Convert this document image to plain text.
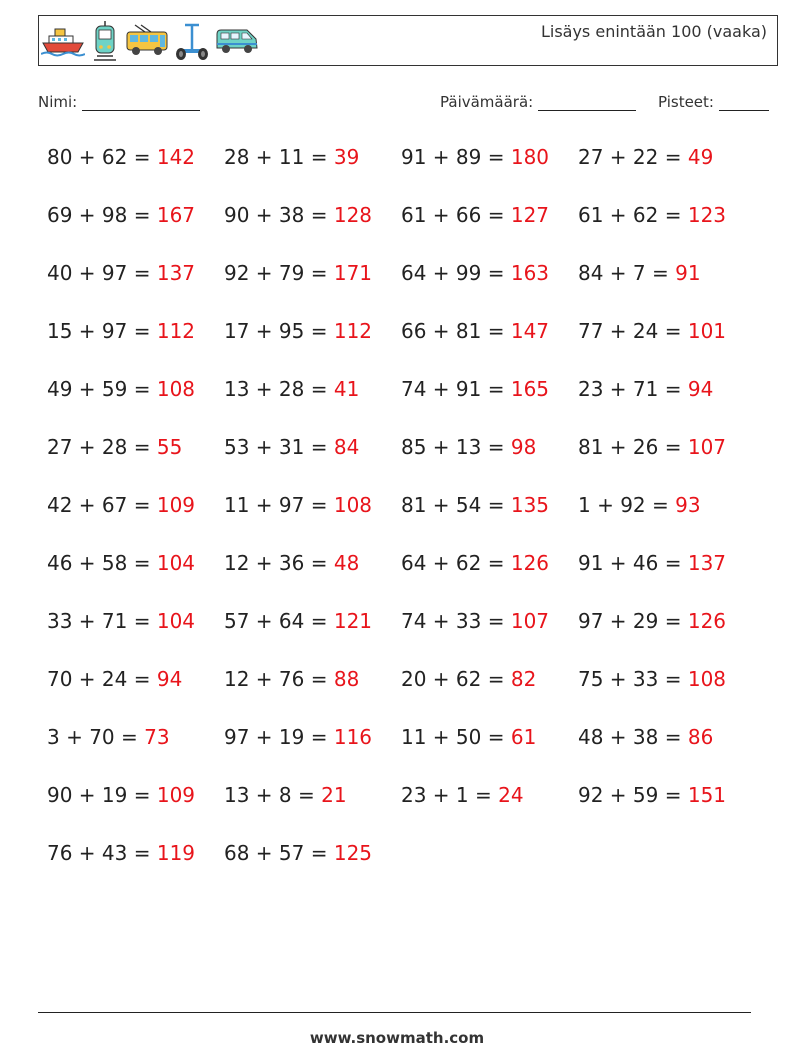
Lisäys enintään 100 (vaaka)
Nimi:	Päivämäärä:	Pisteet:
80 + 62 = 142 28 + 11 = 39 91 + 89 = 180 27 + 22 = 49
69 + 98 = 167 90 + 38 = 128 61 + 66 = 127 61 + 62 = 123
40 + 97 = 137 92 + 79 = 171 64 + 99 = 163 84 + 7 = 91
15 + 97 = 112 17 + 95 = 112 66 + 81 = 147 77 + 24 = 101
49 + 59 = 108 13 + 28 = 41 74 + 91 = 165 23 + 71 = 94
27 + 28 = 55 53 + 31 = 84 85 + 13 = 98 81 + 26 = 107
42 + 67 = 109 11 + 97 = 108 81 + 54 = 135 1 + 92 = 93
46 + 58 = 104 12 + 36 = 48 64 + 62 = 126 91 + 46 = 137
33 + 71 = 104 57 + 64 = 121 74 + 33 = 107 97 + 29 = 126
70 + 24 = 94 12 + 76 = 88 20 + 62 = 82 75 + 33 = 108
3 + 70 = 73	97 + 19 = 116 11 + 50 = 61 48 + 38 = 86
90 + 19 = 109 13 + 8 = 21	23 + 1 = 24	92 + 59 = 151
76 + 43 = 119 68 + 57 = 125
www.snowmath.com
